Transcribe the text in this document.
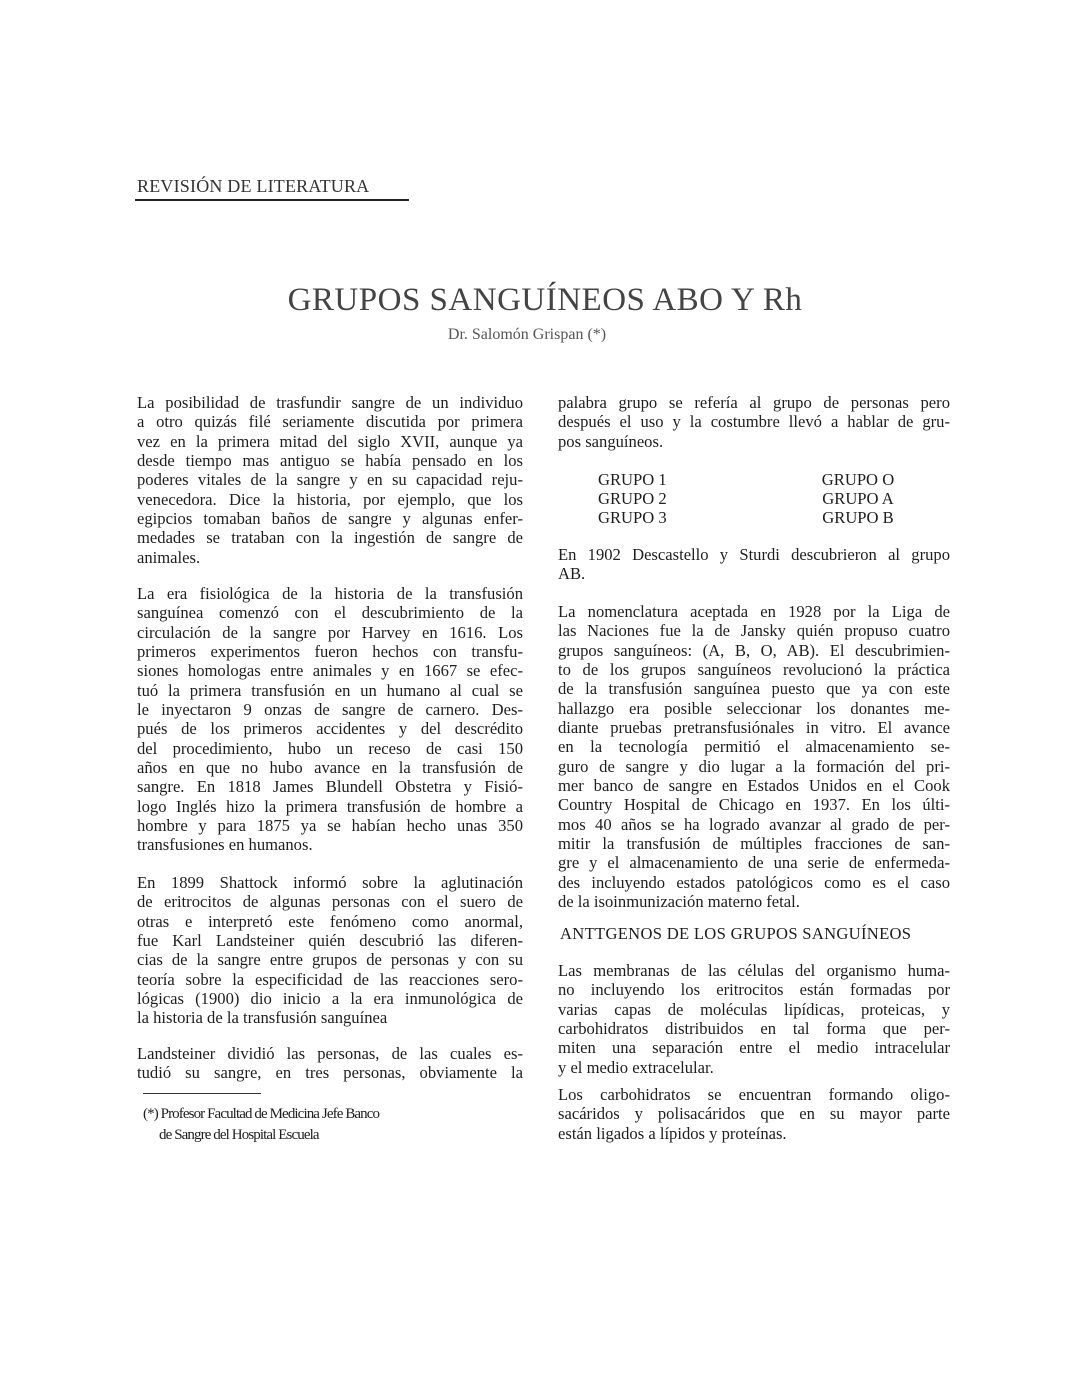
REVISIÓN DE LITERATURA
GRUPOS SANGUÍNEOS ABO Y Rh
Dr. Salomón Grispan (*)
La posibilidad de trasfundir sangre de un individuo
a otro quizás filé seriamente discutida por primera
vez en la primera mitad del siglo XVII, aunque ya
desde tiempo mas antiguo se había pensado en los
poderes vitales de la sangre y en su capacidad reju-
venecedora. Dice la historia, por ejemplo, que los
egipcios tomaban baños de sangre y algunas enfer-
medades se trataban con la ingestión de sangre de
animales.
La era fisiológica de la historia de la transfusión
sanguínea comenzó con el descubrimiento de la
circulación de la sangre por Harvey en 1616. Los
primeros experimentos fueron hechos con transfu-
siones homologas entre animales y en 1667 se efec-
tuó la primera transfusión en un humano al cual se
le inyectaron 9 onzas de sangre de carnero. Des-
pués de los primeros accidentes y del descrédito
del procedimiento, hubo un receso de casi 150
años en que no hubo avance en la transfusión de
sangre. En 1818 James Blundell Obstetra y Fisió-
logo Inglés hizo la primera transfusión de hombre a
hombre y para 1875 ya se habían hecho unas 350
transfusiones en humanos.
En 1899 Shattock informó sobre la aglutinación
de eritrocitos de algunas personas con el suero de
otras e interpretó este fenómeno como anormal,
fue Karl Landsteiner quién descubrió las diferen-
cias de la sangre entre grupos de personas y con su
teoría sobre la especificidad de las reacciones sero-
lógicas (1900) dio inicio a la era inmunológica de
la historia de la transfusión sanguínea
Landsteiner dividió las personas, de las cuales es-
tudió su sangre, en tres personas, obviamente la
palabra grupo se refería al grupo de personas pero
después el uso y la costumbre llevó a hablar de gru-
pos sanguíneos.
En 1902 Descastello y Sturdi descubrieron al grupo
AB.
La nomenclatura aceptada en 1928 por la Liga de
las Naciones fue la de Jansky quién propuso cuatro
grupos sanguíneos: (A, B, O, AB). El descubrimien-
to de los grupos sanguíneos revolucionó la práctica
de la transfusión sanguínea puesto que ya con este
hallazgo era posible seleccionar los donantes me-
diante pruebas pretransfusiónales in vitro. El avance
en la tecnología permitió el almacenamiento se-
guro de sangre y dio lugar a la formación del pri-
mer banco de sangre en Estados Unidos en el Cook
Country Hospital de Chicago en 1937. En los últi-
mos 40 años se ha logrado avanzar al grado de per-
mitir la transfusión de múltiples fracciones de san-
gre y el almacenamiento de una serie de enfermeda-
des incluyendo estados patológicos como es el caso
de la isoinmunización materno fetal.
Las membranas de las células del organismo huma-
no incluyendo los eritrocitos están formadas por
varias capas de moléculas lipídicas, proteicas, y
carbohidratos distribuidos en tal forma que per-
miten una separación entre el medio intracelular
y el medio extracelular.
Los carbohidratos se encuentran formando oligo-
sacáridos y polisacáridos que en su mayor parte
están ligados a lípidos y proteínas.
GRUPO 1	GRUPO O
GRUPO 2	GRUPO A
GRUPO 3	GRUPO B
ANTTGENOS DE LOS GRUPOS SANGUÍNEOS
(*) Profesor Facultad de Medicina Jefe Banco
de Sangre del Hospital Escuela
